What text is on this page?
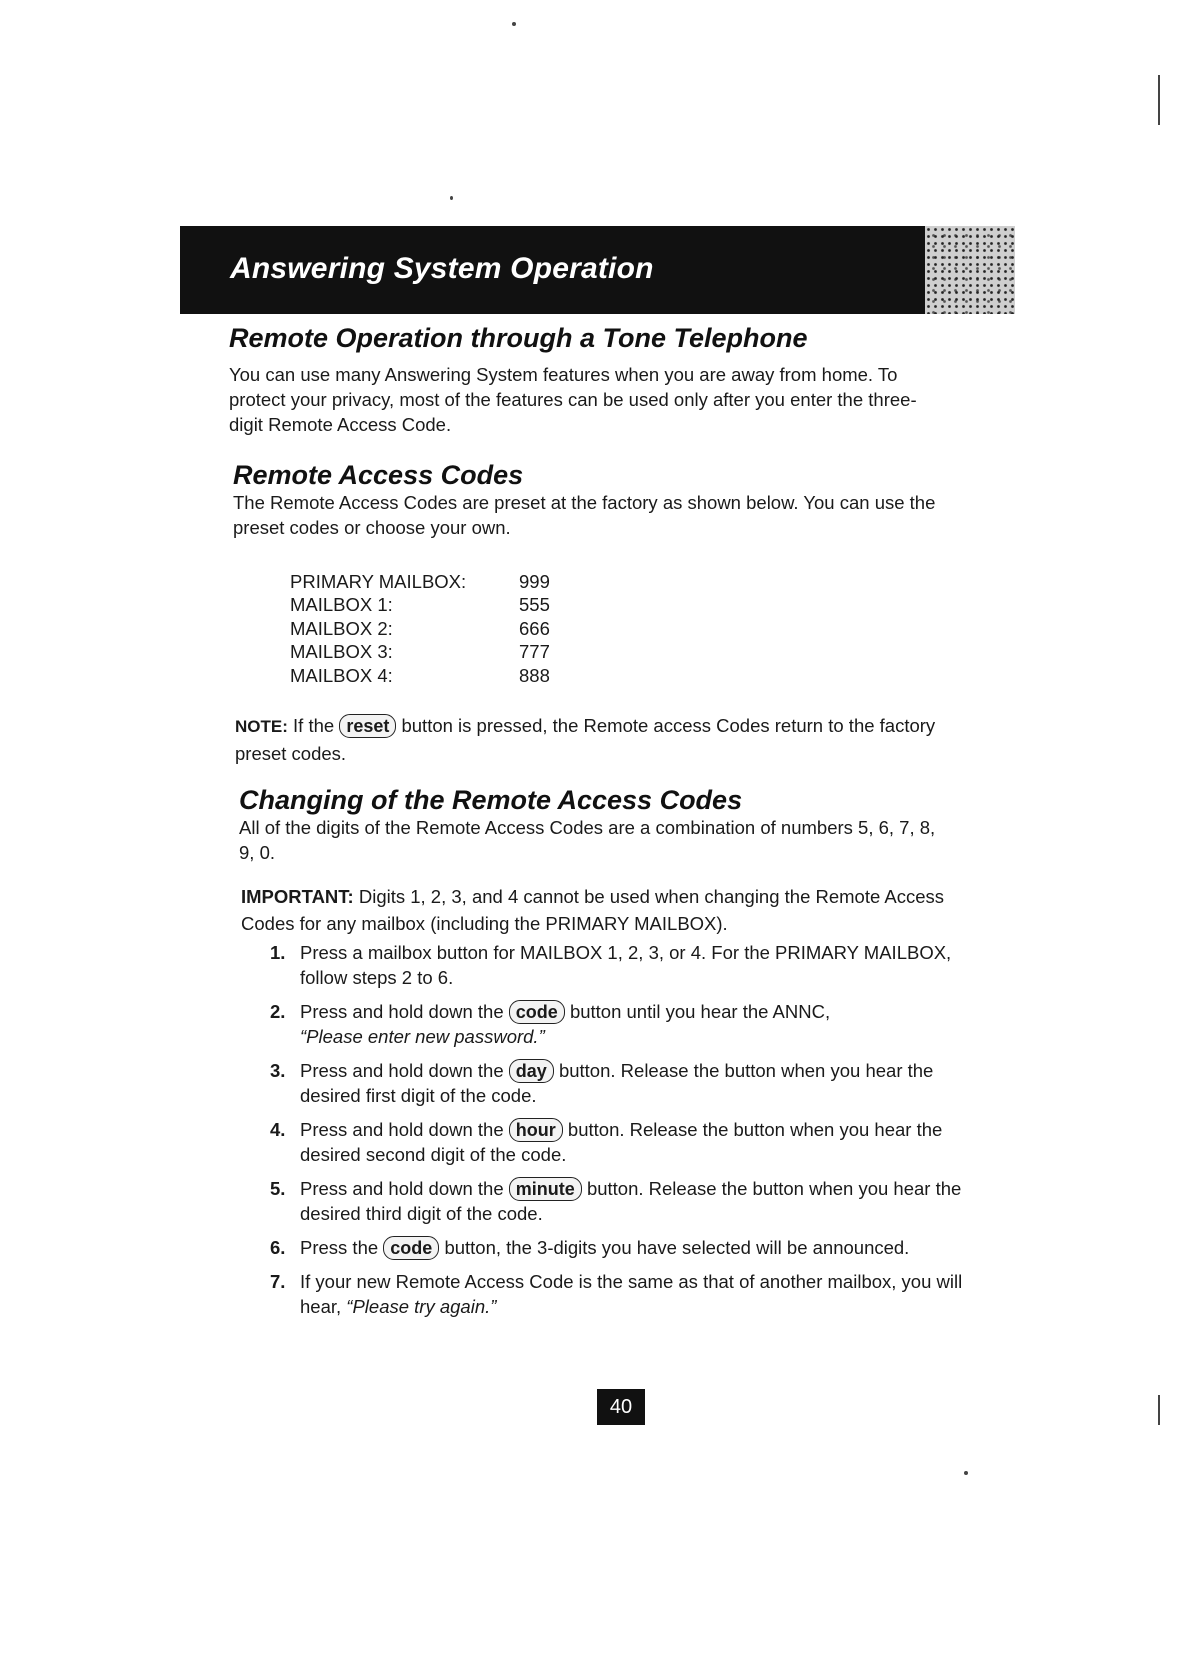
Answering System Operation
Remote Operation through a Tone Telephone

You can use many Answering System features when you are away from home. To protect your privacy, most of the features can be used only after you enter the three-digit Remote Access Code.

Remote Access Codes

The Remote Access Codes are preset at the factory as shown below. You can use the preset codes or choose your own.

PRIMARY MAILBOX:	999
MAILBOX 1:	555
MAILBOX 2:	666
MAILBOX 3:	777
MAILBOX 4:	888
NOTE: If the reset button is pressed, the Remote access Codes return to the factory preset codes.
Changing of the Remote Access Codes

All of the digits of the Remote Access Codes are a combination of numbers 5, 6, 7, 8, 9, 0.

IMPORTANT: Digits 1, 2, 3, and 4 cannot be used when changing the Remote Access Codes for any mailbox (including the PRIMARY MAILBOX).

1. Press a mailbox button for MAILBOX 1, 2, 3, or 4. For the PRIMARY MAILBOX, follow steps 2 to 6.
2. Press and hold down the code button until you hear the ANNC,
“Please enter new password.”
3. Press and hold down the day button. Release the button when you hear the desired first digit of the code.
4. Press and hold down the hour button. Release the button when you hear the desired second digit of the code.
5. Press and hold down the minute button. Release the button when you hear the desired third digit of the code.
6. Press the code button, the 3-digits you have selected will be announced.
7. If your new Remote Access Code is the same as that of another mailbox, you will hear, “Please try again.”
40
